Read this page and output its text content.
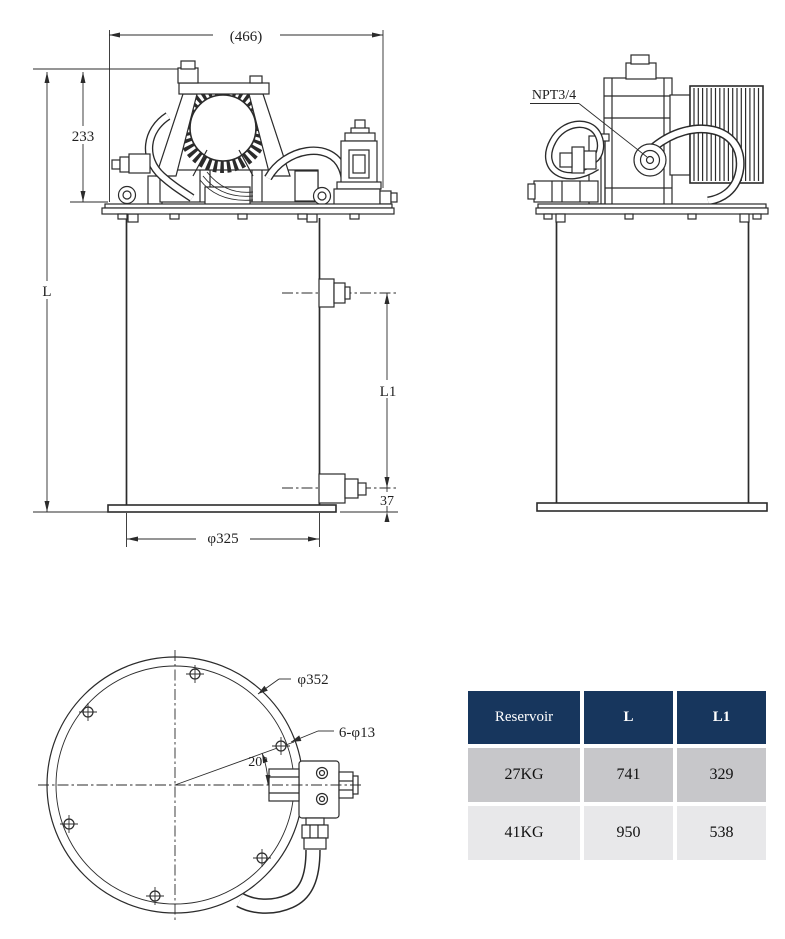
(466)
233
L
φ325
L1
37
NPT3/4
20°
φ352
6-φ13
Reservoir	L	L1
27KG	741	329
41KG	950	538
